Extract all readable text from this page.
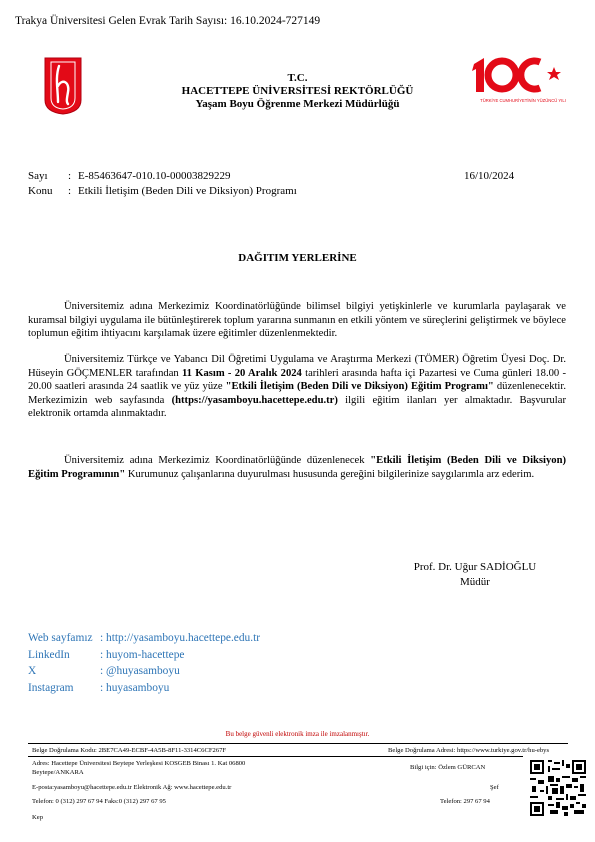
Trakya Üniversitesi Gelen Evrak Tarih Sayısı: 16.10.2024-727149
T.C.
HACETTEPE ÜNİVERSİTESİ REKTÖRLÜĞÜ
Yaşam Boyu Öğrenme Merkezi Müdürlüğü	TÜRKİYE CUMHURİYETİNİN YÜZÜNCÜ YILI
Sayı : E-85463647-010.10-00003829229
Konu : Etkili İletişim (Beden Dili ve Diksiyon) Programı
16/10/2024
DAĞITIM YERLERİNE

Üniversitemiz adına Merkezimiz Koordinatörlüğünde bilimsel bilgiyi yetişkinlerle ve kurumlarla paylaşarak ve kuramsal bilgiyi uygulama ile bütünleştirerek toplum yararına sunmanın en etkili yöntem ve süreçlerini geliştirmek ve böylece toplumun eğitim ihtiyacını karşılamak üzere eğitimler düzenlenmektedir.

Üniversitemiz Türkçe ve Yabancı Dil Öğretimi Uygulama ve Araştırma Merkezi (TÖMER) Öğretim Üyesi Doç. Dr. Hüseyin GÖÇMENLER tarafından 11 Kasım - 20 Aralık 2024 tarihleri arasında hafta içi Pazartesi ve Cuma günleri 18.00 - 20.00 saatleri arasında 24 saatlik ve yüz yüze "Etkili İletişim (Beden Dili ve Diksiyon) Eğitim Programı" düzenlenecektir. Merkezimizin web sayfasında (https://yasamboyu.hacettepe.edu.tr) ilgili eğitim ilanları yer almaktadır. Başvurular elektronik ortamda alınmaktadır.

Üniversitemiz adına Merkezimiz Koordinatörlüğünde düzenlenecek "Etkili İletişim (Beden Dili ve Diksiyon) Eğitim Programının" Kurumunuz çalışanlarına duyurulması hususunda gereğini bilgilerinize saygılarımla arz ederim.

Prof. Dr. Uğur SADİOĞLU
Müdür
Web sayfamız : http://yasamboyu.hacettepe.edu.tr
LinkedIn	: huyom-hacettepe
X	: @huyasamboyu
Instagram : huyasamboyu
Bu belge güvenli elektronik imza ile imzalanmıştır.
Belge Doğrulama Kodu: 2BE7CA49-ECBF-4A5B-8F11-3314C6CF267F	Belge Doğrulama Adresi: https://www.turkiye.gov.tr/hu-ebys
Adres: Hacettepe Üniversitesi Beytepe Yerleşkesi KOSGEB Binası 1. Kat 06800
Beytepe/ANKARA
Bilgi için: Özlem GÜRCAN
E-posta:yasamboyu@hacettepe.edu.tr Elektronik Ağ: www.hacettepe.edu.tr	Şef
Telefon: 0 (312) 297 67 94 Faks:0 (312) 297 67 95	Telefon: 297 67 94
Kep
